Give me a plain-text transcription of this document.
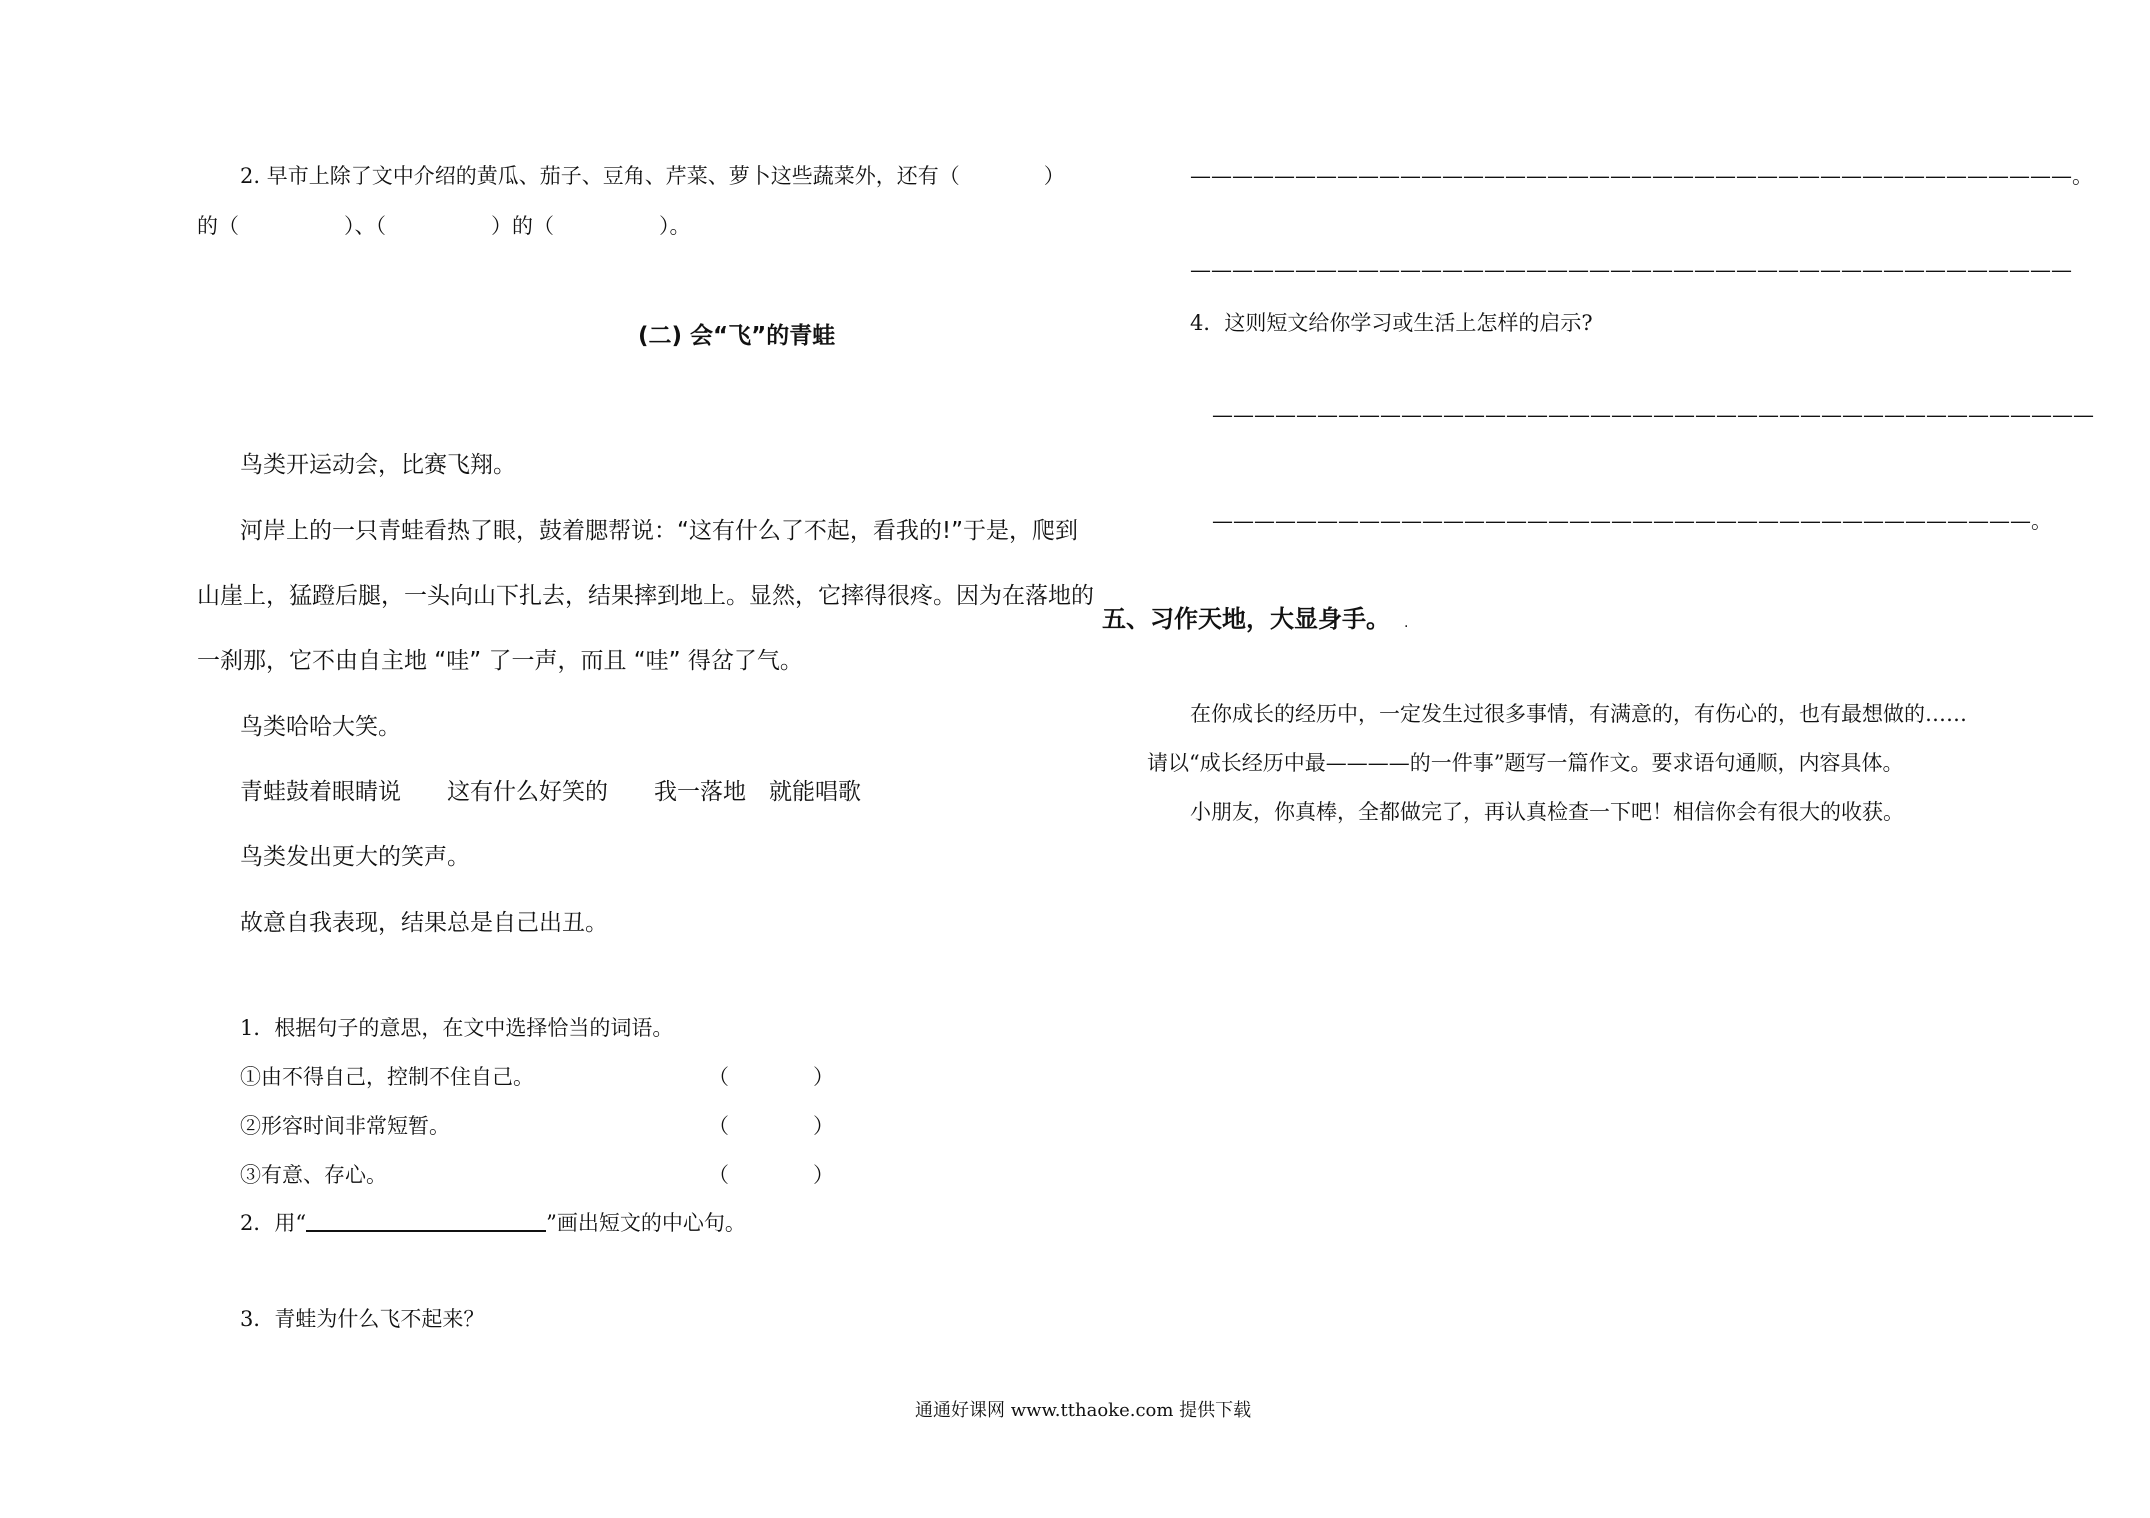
2. 早市上除了文中介绍的黄瓜、茄子、豆角、芹菜、萝卜这些蔬菜外，还有（　　　　）
的（　　　　　）、（　　　　　）的（　　　　　）。
(二) 会“飞”的青蛙
鸟类开运动会，比赛飞翔。
河岸上的一只青蛙看热了眼，鼓着腮帮说：“这有什么了不起，看我的!”于是，爬到
山崖上，猛蹬后腿，一头向山下扎去，结果摔到地上。显然，它摔得很疼。因为在落地的
一刹那，它不由自主地 “哇” 了一声，而且 “哇” 得岔了气。
鸟类哈哈大笑。
青蛙鼓着眼睛说　　这有什么好笑的　　我一落地　就能唱歌
鸟类发出更大的笑声。
故意自我表现，结果总是自己出丑。
1．根据句子的意思，在文中选择恰当的词语。
①由不得自己，控制不住自己。	（　　　　）
②形容时间非常短暂。	（　　　　）
③有意、存心。	（　　　　）
2．用“	”画出短文的中心句。
3．青蛙为什么飞不起来？
——————————————————————————————————————————。
——————————————————————————————————————————
4．这则短文给你学习或生活上怎样的启示?
——————————————————————————————————————————
———————————————————————————————————————。
五、习作天地，大显身手。 .
在你成长的经历中，一定发生过很多事情，有满意的，有伤心的，也有最想做的……
请以“成长经历中最————的一件事”题写一篇作文。要求语句通顺，内容具体。
小朋友，你真棒，全都做完了，再认真检查一下吧！相信你会有很大的收获。
通通好课网 www.tthaoke.com 提供下载
